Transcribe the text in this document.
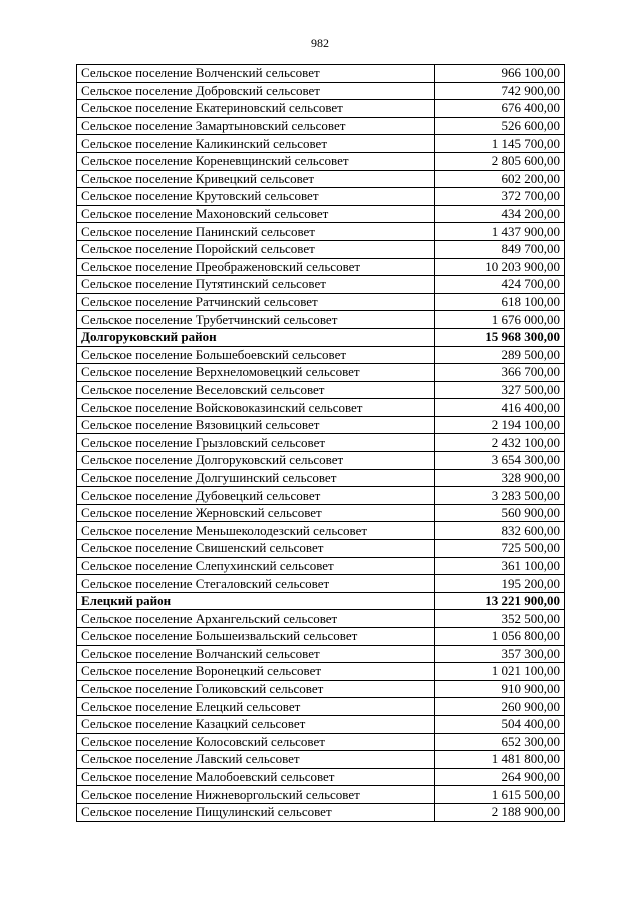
982
Сельское поселение Волченский сельсовет	966 100,00
Сельское поселение Добровский сельсовет	742 900,00
Сельское поселение Екатериновский сельсовет	676 400,00
Сельское поселение Замартыновский сельсовет	526 600,00
Сельское поселение Каликинский сельсовет	1 145 700,00
Сельское поселение Кореневщинский сельсовет	2 805 600,00
Сельское поселение Кривецкий сельсовет	602 200,00
Сельское поселение Крутовский сельсовет	372 700,00
Сельское поселение Махоновский сельсовет	434 200,00
Сельское поселение Панинский сельсовет	1 437 900,00
Сельское поселение Поройский сельсовет	849 700,00
Сельское поселение Преображеновский сельсовет	10 203 900,00
Сельское поселение Путятинский сельсовет	424 700,00
Сельское поселение Ратчинский сельсовет	618 100,00
Сельское поселение Трубетчинский сельсовет	1 676 000,00
Долгоруковский район	15 968 300,00
Сельское поселение Большебоевский сельсовет	289 500,00
Сельское поселение Верхнеломовецкий сельсовет	366 700,00
Сельское поселение Веселовский сельсовет	327 500,00
Сельское поселение Войсковоказинский сельсовет	416 400,00
Сельское поселение Вязовицкий сельсовет	2 194 100,00
Сельское поселение Грызловский сельсовет	2 432 100,00
Сельское поселение Долгоруковский сельсовет	3 654 300,00
Сельское поселение Долгушинский сельсовет	328 900,00
Сельское поселение Дубовецкий сельсовет	3 283 500,00
Сельское поселение Жерновский сельсовет	560 900,00
Сельское поселение Меньшеколодезский сельсовет	832 600,00
Сельское поселение Свишенский сельсовет	725 500,00
Сельское поселение Слепухинский сельсовет	361 100,00
Сельское поселение Стегаловский сельсовет	195 200,00
Елецкий район	13 221 900,00
Сельское поселение Архангельский сельсовет	352 500,00
Сельское поселение Большеизвальский сельсовет	1 056 800,00
Сельское поселение Волчанский сельсовет	357 300,00
Сельское поселение Воронецкий сельсовет	1 021 100,00
Сельское поселение Голиковский сельсовет	910 900,00
Сельское поселение Елецкий сельсовет	260 900,00
Сельское поселение Казацкий сельсовет	504 400,00
Сельское поселение Колосовский сельсовет	652 300,00
Сельское поселение Лавский сельсовет	1 481 800,00
Сельское поселение Малобоевский сельсовет	264 900,00
Сельское поселение Нижневоргольский сельсовет	1 615 500,00
Сельское поселение Пищулинский сельсовет	2 188 900,00
